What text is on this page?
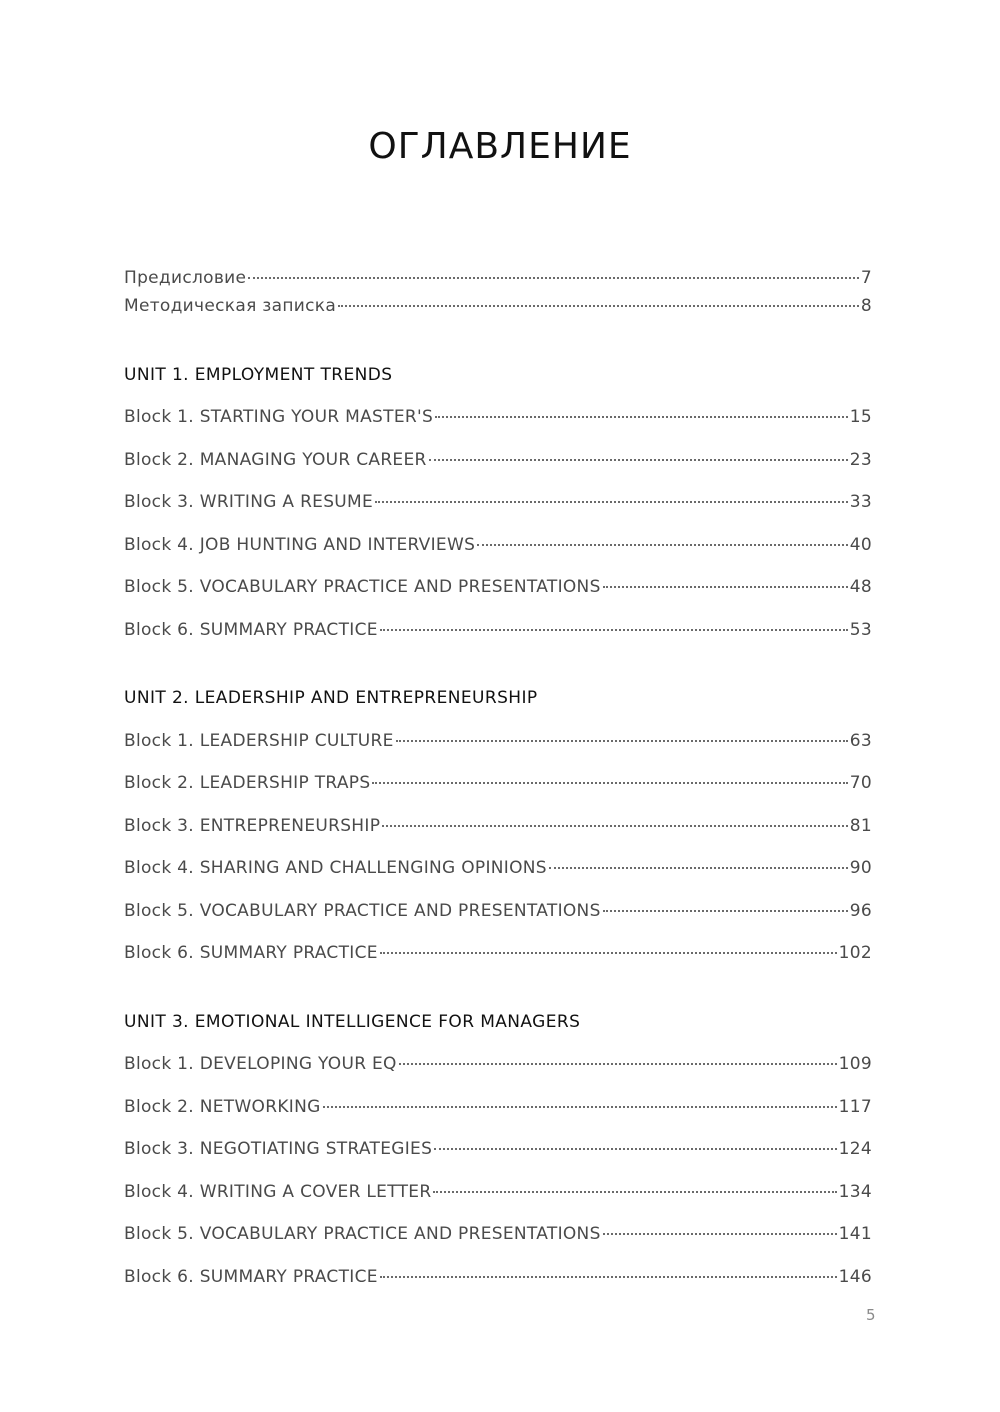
ОГЛАВЛЕНИЕ
Предисловие	7
Методическая записка	8
UNIT 1. EMPLOYMENT TRENDS
Block 1. STARTING YOUR MASTER'S	15
Block 2. MANAGING YOUR CAREER	23
Block 3. WRITING A RESUME	33
Block 4. JOB HUNTING AND INTERVIEWS	40
Block 5. VOCABULARY PRACTICE AND PRESENTATIONS	48
Block 6. SUMMARY PRACTICE	53
UNIT 2. LEADERSHIP AND ENTREPRENEURSHIP
Block 1. LEADERSHIP CULTURE	63
Block 2. LEADERSHIP TRAPS	70
Block 3. ENTREPRENEURSHIP	81
Block 4. SHARING AND CHALLENGING OPINIONS	90
Block 5. VOCABULARY PRACTICE AND PRESENTATIONS	96
Block 6. SUMMARY PRACTICE	102
UNIT 3. EMOTIONAL INTELLIGENCE FOR MANAGERS
Block 1. DEVELOPING YOUR EQ	109
Block 2. NETWORKING	117
Block 3. NEGOTIATING STRATEGIES	124
Block 4. WRITING A COVER LETTER	134
Block 5. VOCABULARY PRACTICE AND PRESENTATIONS	141
Block 6. SUMMARY PRACTICE	146
5
